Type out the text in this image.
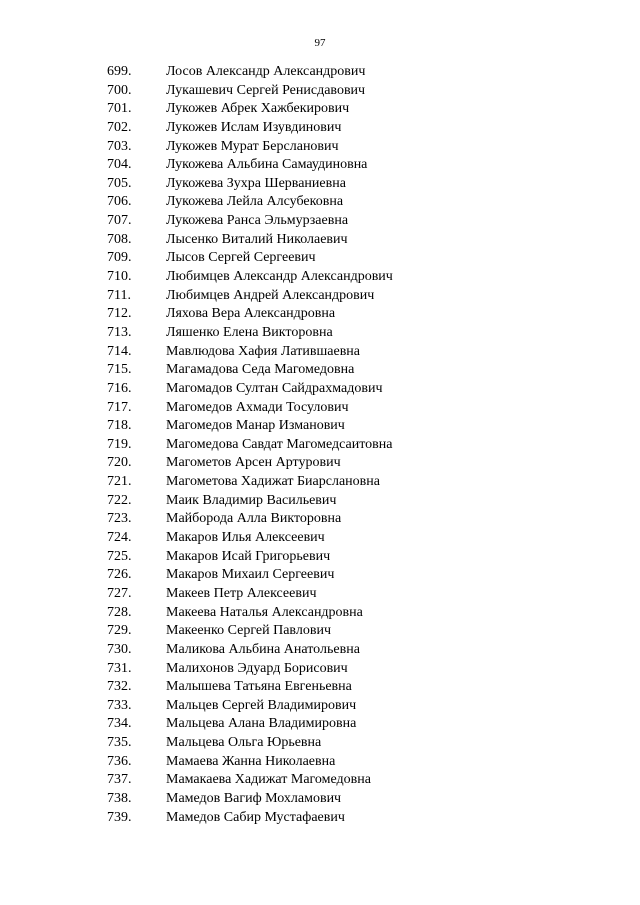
97
699. Лосов Александр Александрович
700. Лукашевич Сергей Ренисдавович
701. Лукожев Абрек Хажбекирович
702. Лукожев Ислам Изувдинович
703. Лукожев Мурат Берсланович
704. Лукожева Альбина Самаудиновна
705. Лукожева Зухра Шерваниевна
706. Лукожева Лейла Алсубековна
707. Лукожева Ранса Эльмурзаевна
708. Лысенко Виталий Николаевич
709. Лысов Сергей Сергеевич
710. Любимцев Александр Александрович
711.	Любимцев Андрей Александрович
712. Ляхова Вера Александровна
713. Ляшенко Елена Викторовна
714. Мавлюдова Хафия Латившаевна
715. Магамадова Седа Магомедовна
716. Магомадов Султан Сайдрахмадович
717. Магомедов Ахмади Тосулович
718. Магомедов Манар Изманович
719. Магомедова Савдат Магомедсаитовна
720. Магометов Арсен Артурович
721. Магометова Хадижат Биарслановна
722. Маик Владимир Васильевич
723. Майборода Алла Викторовна
724. Макаров Илья Алексеевич
725. Макаров Исай Григорьевич
726. Макаров Михаил Сергеевич
727. Макеев Петр Алексеевич
728. Макеева Наталья Александровна
729. Макеенко Сергей Павлович
730. Маликова Альбина Анатольевна
731. Малихонов Эдуард Борисович
732. Малышева Татьяна Евгеньевна
733. Мальцев Сергей Владимирович
734. Мальцева Алана Владимировна
735. Мальцева Ольга Юрьевна
736. Мамаева Жанна Николаевна
737. Мамакаева Хадижат Магомедовна
738. Мамедов Вагиф Мохламович
739. Мамедов Сабир Мустафаевич
